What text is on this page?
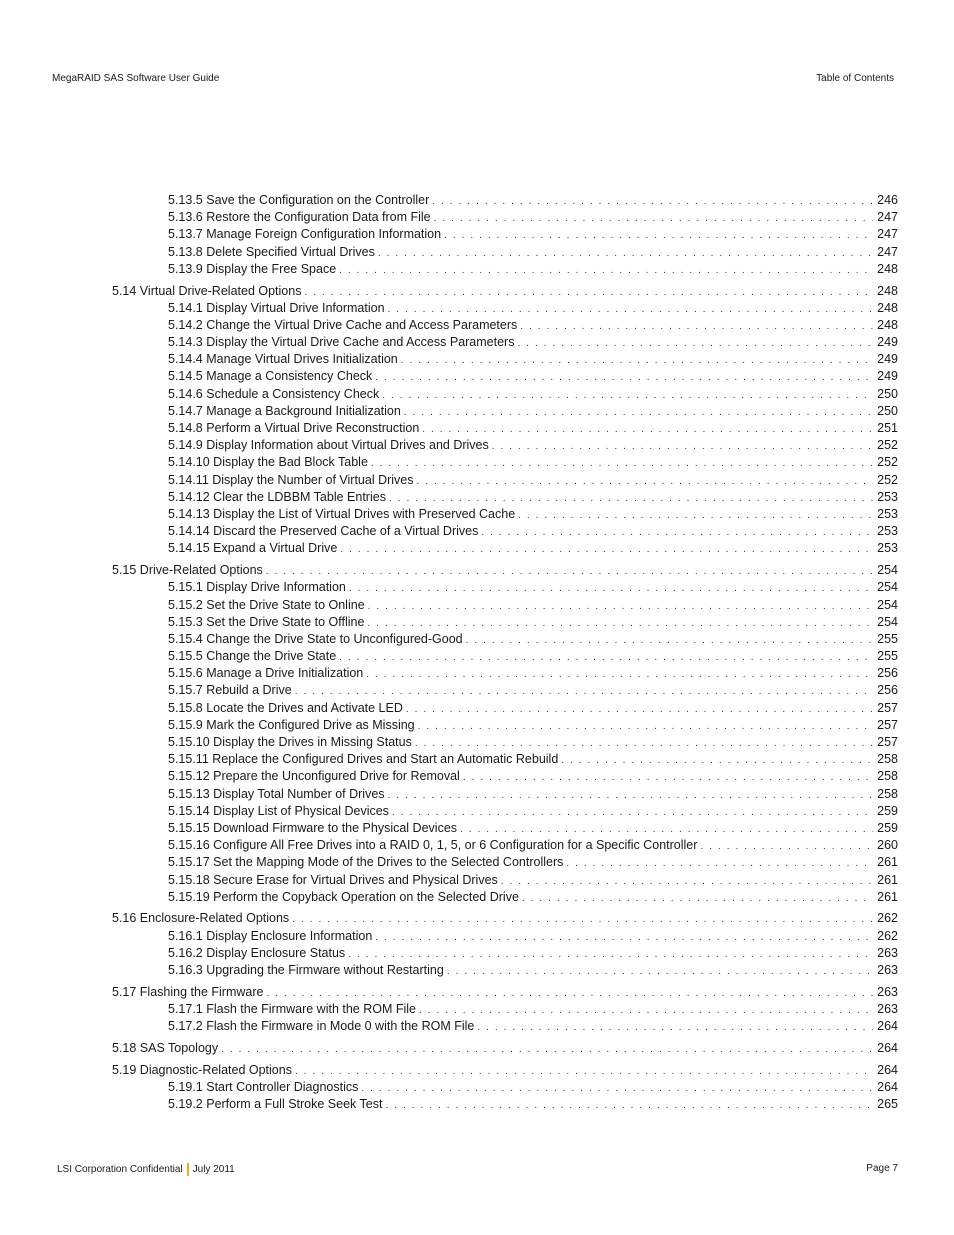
MegaRAID SAS Software User Guide	Table of Contents
5.13.5 Save the Configuration on the Controller . . .	246
5.13.6 Restore the Configuration Data from File . . .	247
5.13.7 Manage Foreign Configuration Information . . .	247
5.13.8 Delete Specified Virtual Drives . . .	247
5.13.9 Display the Free Space . . .	248
5.14 Virtual Drive-Related Options . . .	248
5.14.1 Display Virtual Drive Information . . .	248
5.14.2 Change the Virtual Drive Cache and Access Parameters . . .	248
5.14.3 Display the Virtual Drive Cache and Access Parameters . . .	249
5.14.4 Manage Virtual Drives Initialization . . .	249
5.14.5 Manage a Consistency Check . . .	249
5.14.6 Schedule a Consistency Check . . .	250
5.14.7 Manage a Background Initialization . . .	250
5.14.8 Perform a Virtual Drive Reconstruction . . .	251
5.14.9 Display Information about Virtual Drives and Drives . . .	252
5.14.10 Display the Bad Block Table . . .	252
5.14.11 Display the Number of Virtual Drives . . .	252
5.14.12 Clear the LDBBM Table Entries . . .	253
5.14.13 Display the List of Virtual Drives with Preserved Cache . . .	253
5.14.14 Discard the Preserved Cache of a Virtual Drives . . .	253
5.14.15 Expand a Virtual Drive . . .	253
5.15 Drive-Related Options . . .	254
5.15.1 Display Drive Information . . .	254
5.15.2 Set the Drive State to Online . . .	254
5.15.3 Set the Drive State to Offline . . .	254
5.15.4 Change the Drive State to Unconfigured-Good . . .	255
5.15.5 Change the Drive State . . .	255
5.15.6 Manage a Drive Initialization . . .	256
5.15.7 Rebuild a Drive . . .	256
5.15.8 Locate the Drives and Activate LED . . .	257
5.15.9 Mark the Configured Drive as Missing . . .	257
5.15.10 Display the Drives in Missing Status . . .	257
5.15.11 Replace the Configured Drives and Start an Automatic Rebuild . . .	258
5.15.12 Prepare the Unconfigured Drive for Removal . . .	258
5.15.13 Display Total Number of Drives . . .	258
5.15.14 Display List of Physical Devices . . .	259
5.15.15 Download Firmware to the Physical Devices . . .	259
5.15.16 Configure All Free Drives into a RAID 0, 1, 5, or 6 Configuration for a Specific Controller . . .	260
5.15.17 Set the Mapping Mode of the Drives to the Selected Controllers . . .	261
5.15.18 Secure Erase for Virtual Drives and Physical Drives . . .	261
5.15.19 Perform the Copyback Operation on the Selected Drive . . .	261
5.16 Enclosure-Related Options . . .	262
5.16.1 Display Enclosure Information . . .	262
5.16.2 Display Enclosure Status . . .	263
5.16.3 Upgrading the Firmware without Restarting . . .	263
5.17 Flashing the Firmware . . .	263
5.17.1 Flash the Firmware with the ROM File . . .	263
5.17.2 Flash the Firmware in Mode 0 with the ROM File . . .	264
5.18 SAS Topology . . .	264
5.19 Diagnostic-Related Options . . .	264
5.19.1 Start Controller Diagnostics . . .	264
5.19.2 Perform a Full Stroke Seek Test . . .	265
LSI Corporation Confidential July 2011	Page 7
